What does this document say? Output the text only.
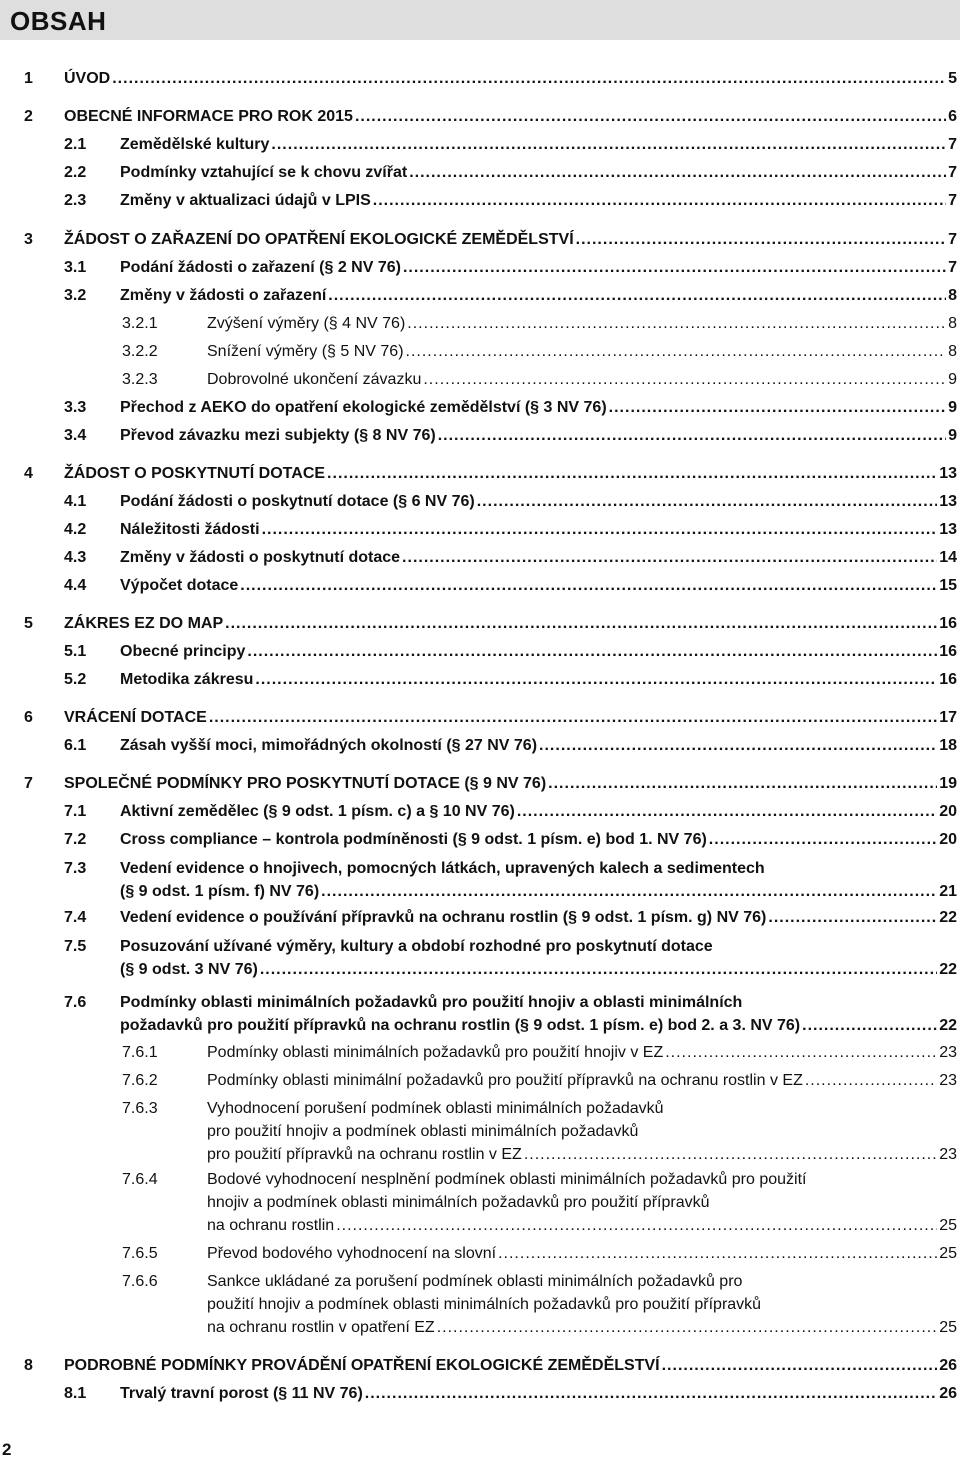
OBSAH
1 ÚVOD .....	5
2 OBECNÉ INFORMACE PRO ROK 2015 .....	6
2.1 Zemědělské kultury .....	7
2.2 Podmínky vztahující se k chovu zvířat .....	7
2.3 Změny v aktualizaci údajů v LPIS .....	7
3 ŽÁDOST O ZAŘAZENÍ DO OPATŘENÍ EKOLOGICKÉ ZEMĚDĚLSTVÍ .....	7
3.1 Podání žádosti o zařazení (§ 2 NV 76) .....	7
3.2 Změny v žádosti o zařazení .....	8
3.2.1	Zvýšení výměry (§ 4 NV 76) .....	8
3.2.2	Snížení výměry (§ 5 NV 76) .....	8
3.2.3	Dobrovolné ukončení závazku .....	9
3.3 Přechod z AEKO do opatření ekologické zemědělství (§ 3 NV 76) .....	9
3.4 Převod závazku mezi subjekty (§ 8 NV 76) .....	9
4 ŽÁDOST O POSKYTNUTÍ DOTACE .....	13
4.1 Podání žádosti o poskytnutí dotace (§ 6 NV 76) .....	13
4.2 Náležitosti žádosti .....	13
4.3 Změny v žádosti o poskytnutí dotace .....	14
4.4 Výpočet dotace .....	15
5 ZÁKRES EZ DO MAP .....	16
5.1 Obecné principy .....	16
5.2 Metodika zákresu .....	16
6 VRÁCENÍ DOTACE .....	17
6.1 Zásah vyšší moci, mimořádných okolností (§ 27 NV 76) .....	18
7 SPOLEČNÉ PODMÍNKY PRO POSKYTNUTÍ DOTACE (§ 9 NV 76) .....	19
7.1 Aktivní zemědělec (§ 9 odst. 1 písm. c) a § 10 NV 76) .....	20
7.2 Cross compliance – kontrola podmíněnosti (§ 9 odst. 1 písm. e) bod 1. NV 76) .....	20
7.3 Vedení evidence o hnojivech, pomocných látkách, upravených kalech a sedimentech
(§ 9 odst. 1 písm. f) NV 76) .....	21
7.4 Vedení evidence o používání přípravků na ochranu rostlin (§ 9 odst. 1 písm. g) NV 76) .....	22
7.5 Posuzování užívané výměry, kultury a období rozhodné pro poskytnutí dotace
(§ 9 odst. 3 NV 76) .....	22
7.6 Podmínky oblasti minimálních požadavků pro použití hnojiv a oblasti minimálních
požadavků pro použití přípravků na ochranu rostlin (§ 9 odst. 1 písm. e) bod 2. a 3. NV 76) .....	22
7.6.1	Podmínky oblasti minimálních požadavků pro použití hnojiv v EZ .....	23
7.6.2	Podmínky oblasti minimální požadavků pro použití přípravků na ochranu rostlin v EZ .....	23
7.6.3	Vyhodnocení porušení podmínek oblasti minimálních požadavků
pro použití hnojiv a podmínek oblasti minimálních požadavků
pro použití přípravků na ochranu rostlin v EZ .....	23
7.6.4	Bodové vyhodnocení nesplnění podmínek oblasti minimálních požadavků pro použití
hnojiv a podmínek oblasti minimálních požadavků pro použití přípravků
na ochranu rostlin .....	25
7.6.5	Převod bodového vyhodnocení na slovní .....	25
7.6.6	Sankce ukládané za porušení podmínek oblasti minimálních požadavků pro
použití hnojiv a podmínek oblasti minimálních požadavků pro použití přípravků
na ochranu rostlin v opatření EZ .....	25
8 PODROBNÉ PODMÍNKY PROVÁDĚNÍ OPATŘENÍ EKOLOGICKÉ ZEMĚDĚLSTVÍ .....	26
8.1 Trvalý travní porost (§ 11 NV 76) .....	26
2
